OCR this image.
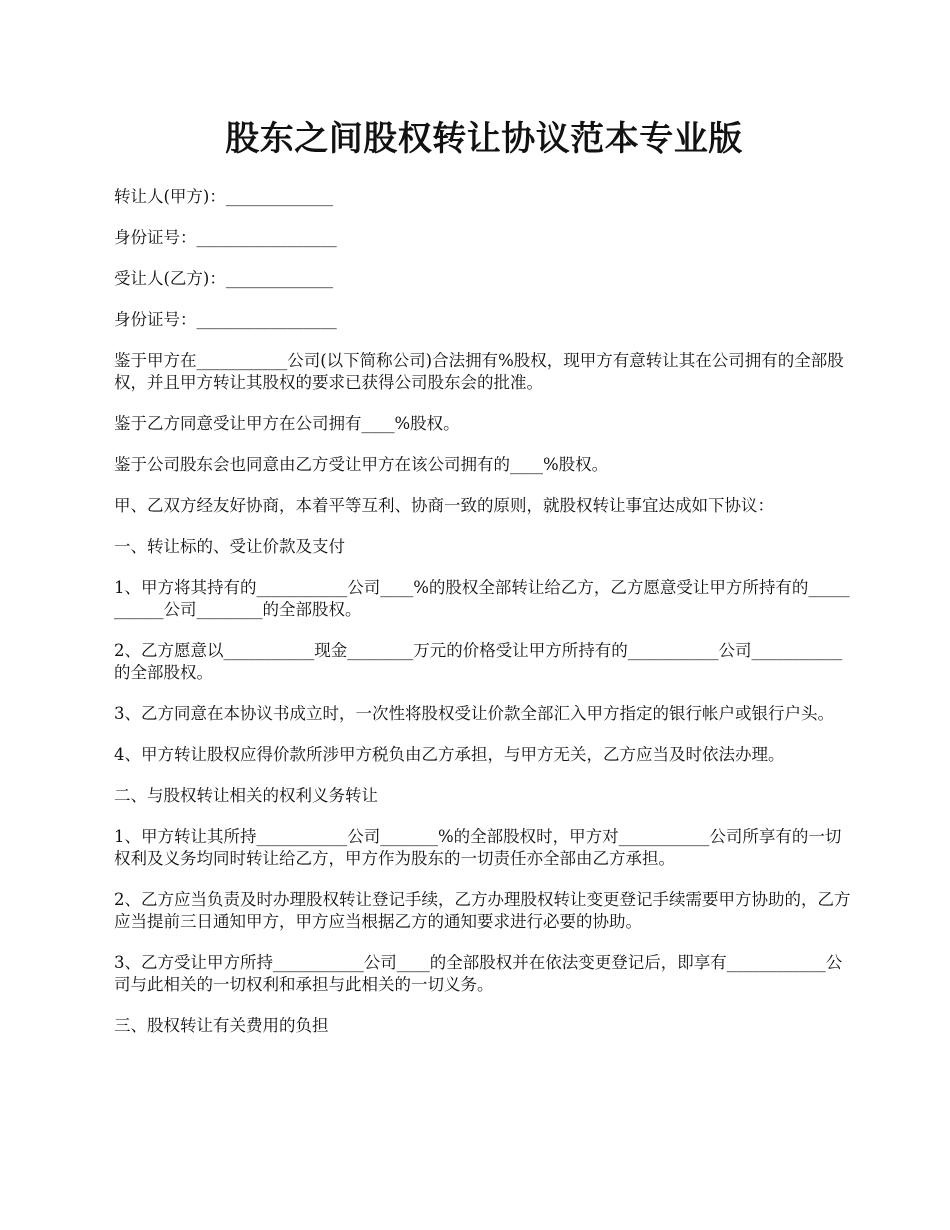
股东之间股权转让协议范本专业版

转让人(甲方)：_____________

身份证号：_________________

受让人(乙方)：_____________

身份证号：_________________

鉴于甲方在___________公司(以下简称公司)合法拥有%股权，现甲方有意转让其在公司拥有的全部股权，并且甲方转让其股权的要求已获得公司股东会的批准。

鉴于乙方同意受让甲方在公司拥有____%股权。

鉴于公司股东会也同意由乙方受让甲方在该公司拥有的____%股权。

甲、乙双方经友好协商，本着平等互利、协商一致的原则，就股权转让事宜达成如下协议：

一、转让标的、受让价款及支付

1、甲方将其持有的___________公司____%的股权全部转让给乙方，乙方愿意受让甲方所持有的___________公司________的全部股权。

2、乙方愿意以___________现金________万元的价格受让甲方所持有的___________公司___________的全部股权。

3、乙方同意在本协议书成立时，一次性将股权受让价款全部汇入甲方指定的银行帐户或银行户头。

4、甲方转让股权应得价款所涉甲方税负由乙方承担，与甲方无关，乙方应当及时依法办理。

二、与股权转让相关的权利义务转让

1、甲方转让其所持___________公司_______%的全部股权时，甲方对___________公司所享有的一切权利及义务均同时转让给乙方，甲方作为股东的一切责任亦全部由乙方承担。

2、乙方应当负责及时办理股权转让登记手续，乙方办理股权转让变更登记手续需要甲方协助的，乙方应当提前三日通知甲方，甲方应当根据乙方的通知要求进行必要的协助。

3、乙方受让甲方所持___________公司____的全部股权并在依法变更登记后，即享有____________公司与此相关的一切权利和承担与此相关的一切义务。

三、股权转让有关费用的负担
